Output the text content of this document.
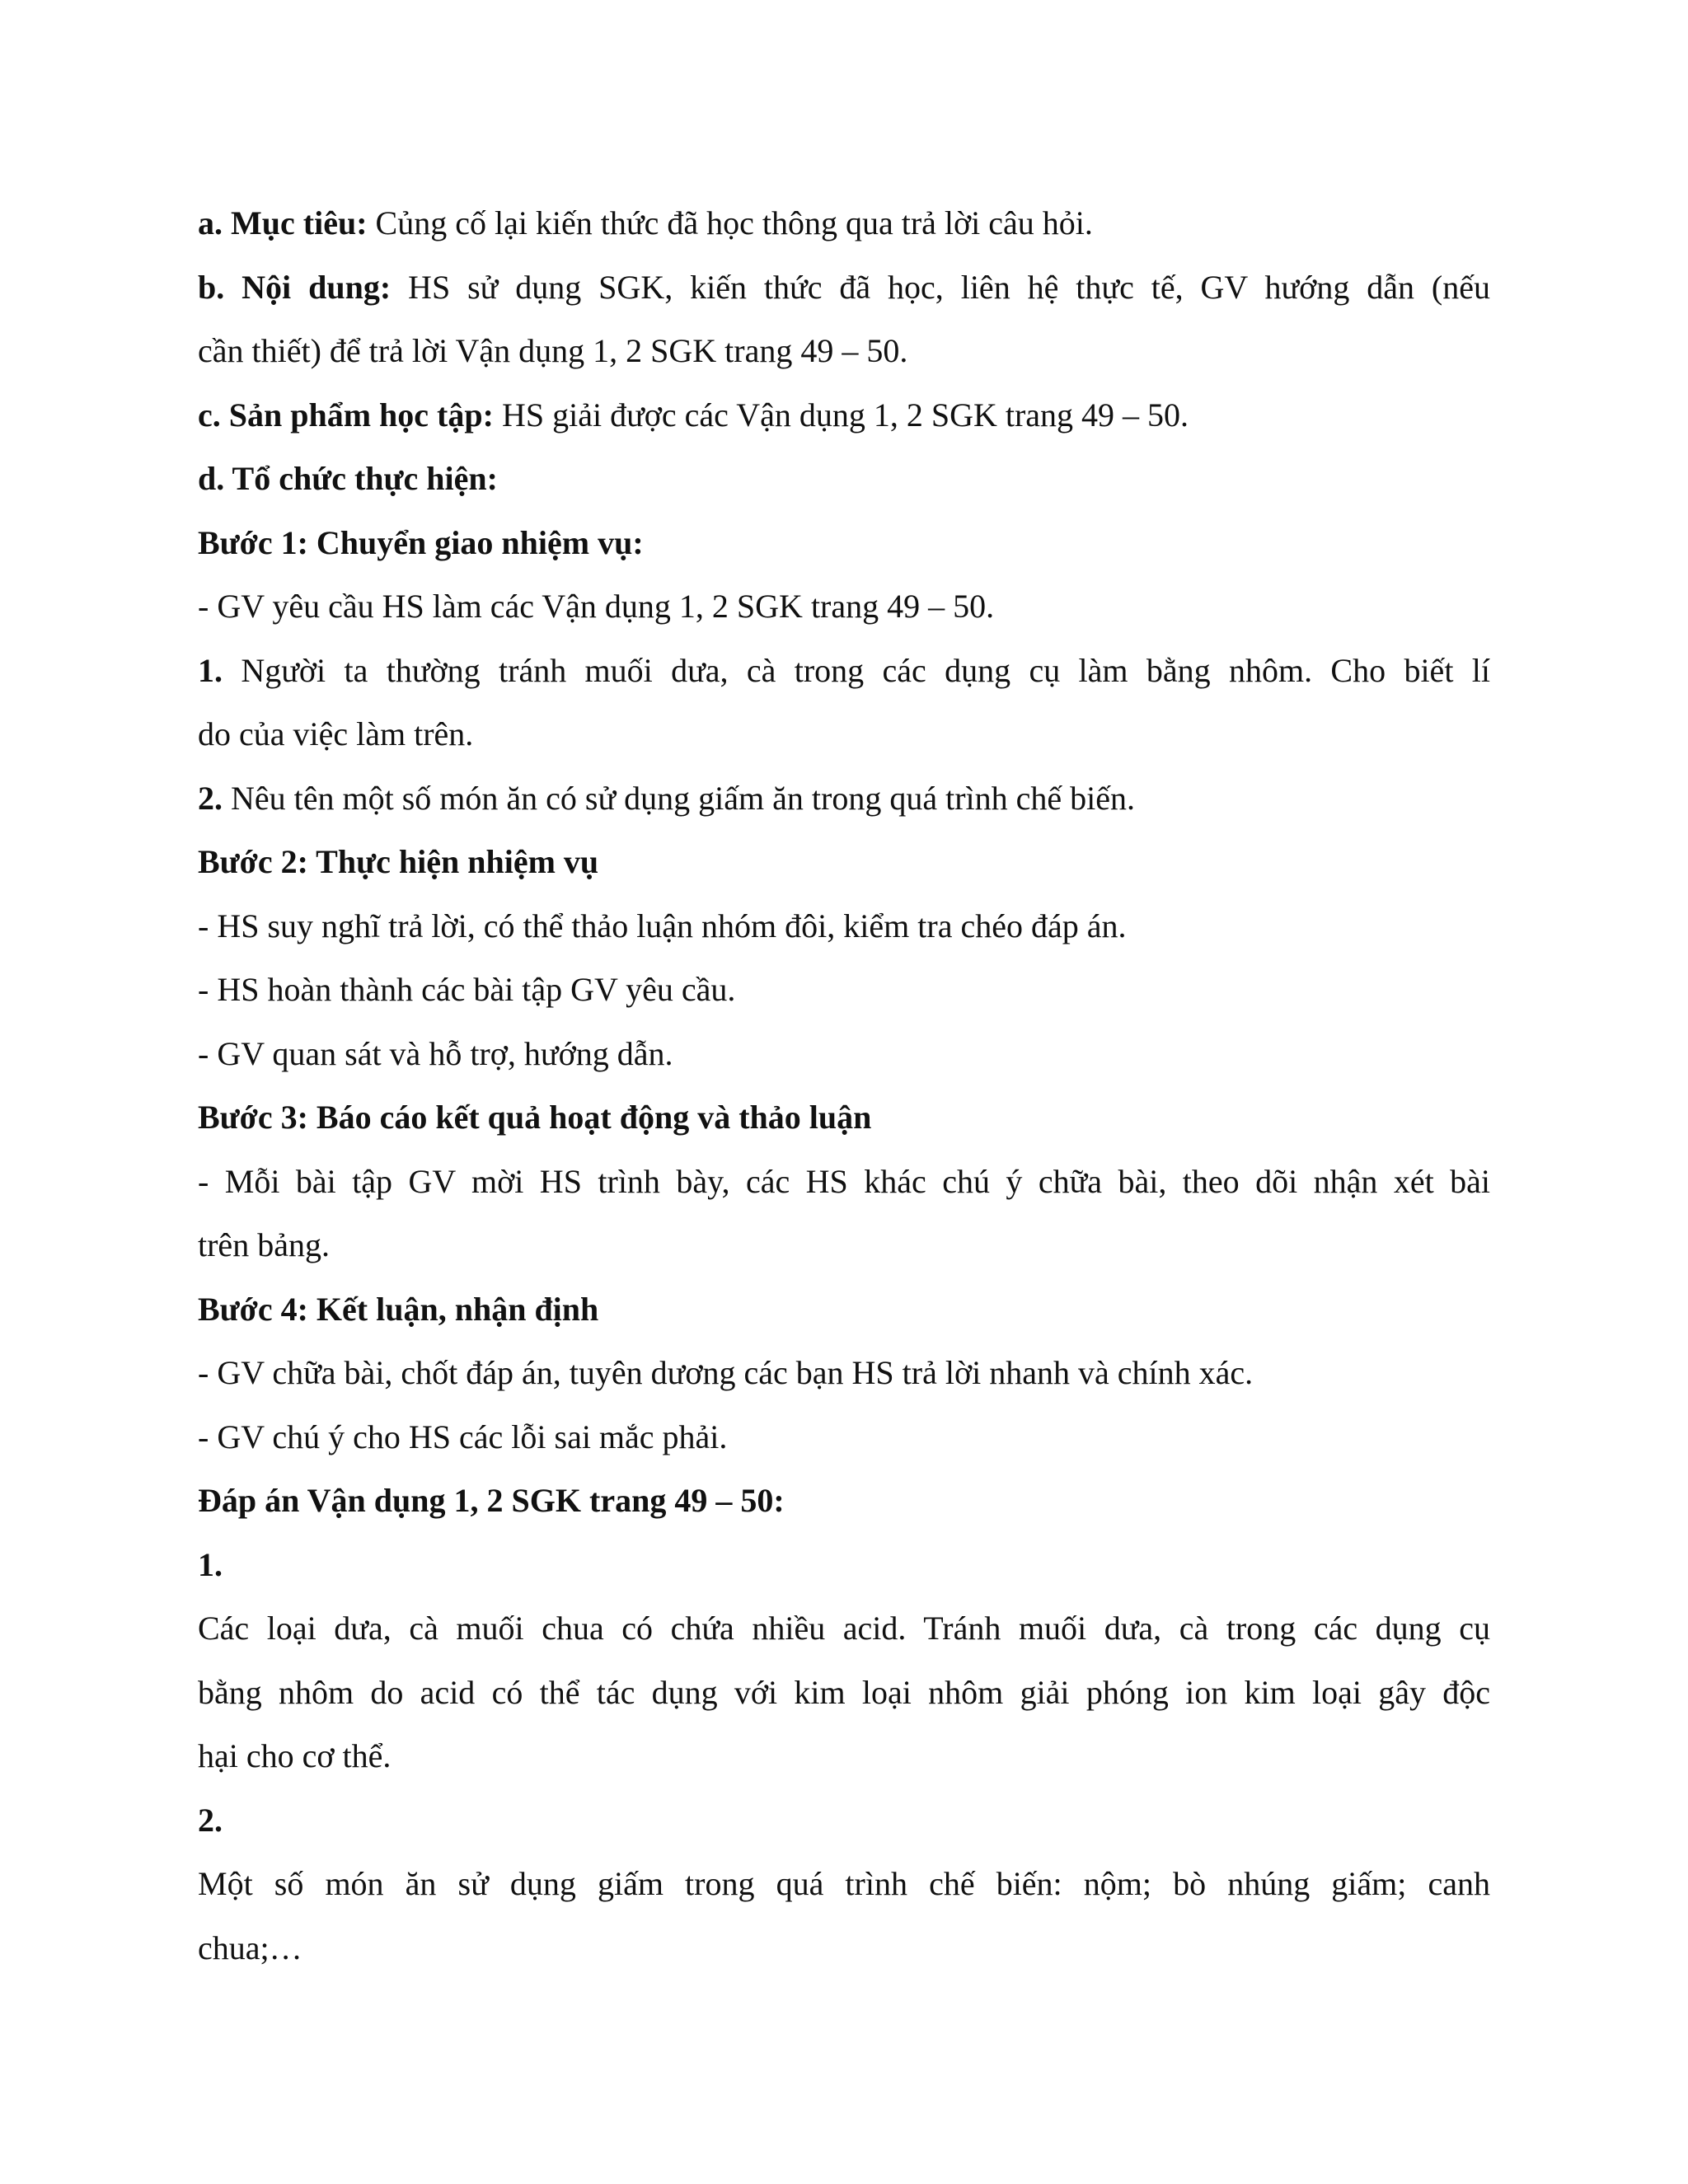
a. Mục tiêu: Củng cố lại kiến thức đã học thông qua trả lời câu hỏi.
b. Nội dung: HS sử dụng SGK, kiến thức đã học, liên hệ thực tế, GV hướng dẫn (nếu
cần thiết) để trả lời Vận dụng 1, 2 SGK trang 49 – 50.
c. Sản phẩm học tập: HS giải được các Vận dụng 1, 2 SGK trang 49 – 50.
d. Tổ chức thực hiện:
Bước 1: Chuyển giao nhiệm vụ:
- GV yêu cầu HS làm các Vận dụng 1, 2 SGK trang 49 – 50.
1. Người ta thường tránh muối dưa, cà trong các dụng cụ làm bằng nhôm. Cho biết lí
do của việc làm trên.
2. Nêu tên một số món ăn có sử dụng giấm ăn trong quá trình chế biến.
Bước 2: Thực hiện nhiệm vụ
- HS suy nghĩ trả lời, có thể thảo luận nhóm đôi, kiểm tra chéo đáp án.
- HS hoàn thành các bài tập GV yêu cầu.
- GV quan sát và hỗ trợ, hướng dẫn.
Bước 3: Báo cáo kết quả hoạt động và thảo luận
- Mỗi bài tập GV mời HS trình bày, các HS khác chú ý chữa bài, theo dõi nhận xét bài
trên bảng.
Bước 4: Kết luận, nhận định
- GV chữa bài, chốt đáp án, tuyên dương các bạn HS trả lời nhanh và chính xác.
- GV chú ý cho HS các lỗi sai mắc phải.
Đáp án Vận dụng 1, 2 SGK trang 49 – 50:
1.
Các loại dưa, cà muối chua có chứa nhiều acid. Tránh muối dưa, cà trong các dụng cụ
bằng nhôm do acid có thể tác dụng với kim loại nhôm giải phóng ion kim loại gây độc
hại cho cơ thể.
2.
Một số món ăn sử dụng giấm trong quá trình chế biến: nộm; bò nhúng giấm; canh
chua;…
